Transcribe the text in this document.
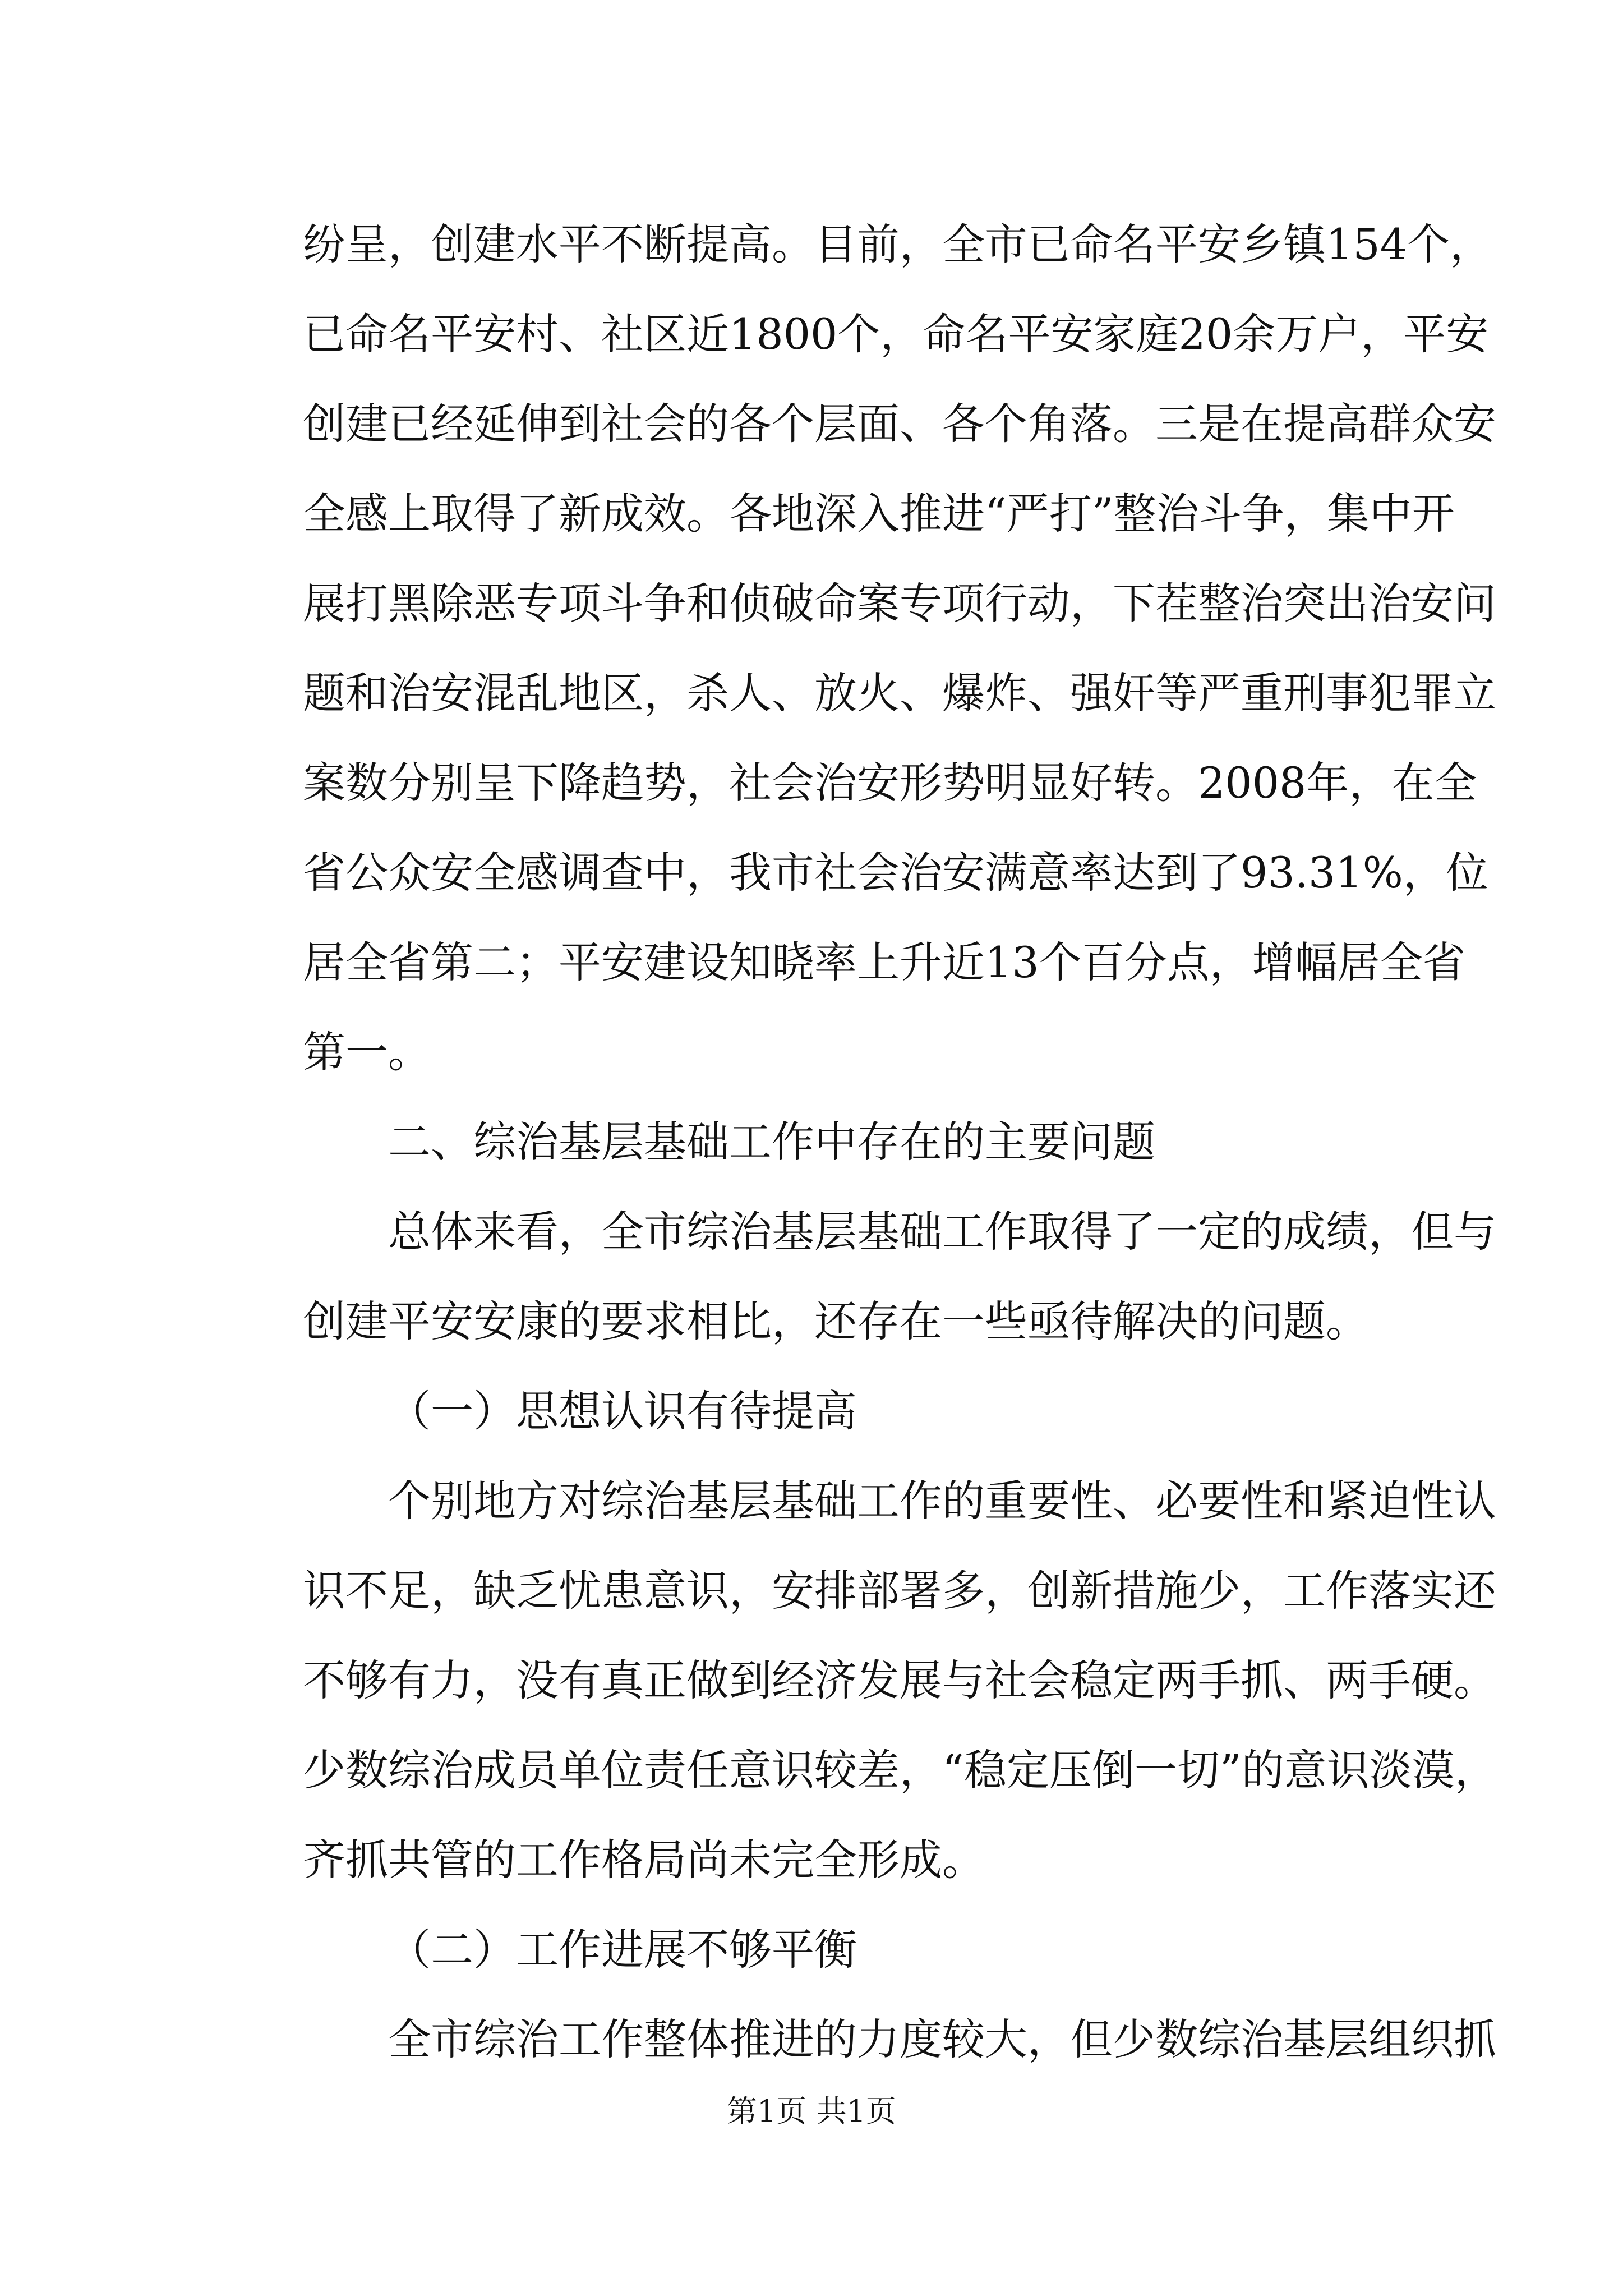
纷呈，创建水平不断提高。目前，全市已命名平安乡镇154个，
已命名平安村、社区近1800个，命名平安家庭20余万户，平安
创建已经延伸到社会的各个层面、各个角落。三是在提高群众安
全感上取得了新成效。各地深入推进“严打”整治斗争，集中开
展打黑除恶专项斗争和侦破命案专项行动，下茬整治突出治安问
题和治安混乱地区，杀人、放火、爆炸、强奸等严重刑事犯罪立
案数分别呈下降趋势，社会治安形势明显好转。2008年，在全
省公众安全感调查中，我市社会治安满意率达到了93.31%，位
居全省第二；平安建设知晓率上升近13个百分点，增幅居全省
第一。
二、综治基层基础工作中存在的主要问题
总体来看，全市综治基层基础工作取得了一定的成绩，但与
创建平安安康的要求相比，还存在一些亟待解决的问题。
（一）思想认识有待提高
个别地方对综治基层基础工作的重要性、必要性和紧迫性认
识不足，缺乏忧患意识，安排部署多，创新措施少，工作落实还
不够有力，没有真正做到经济发展与社会稳定两手抓、两手硬。
少数综治成员单位责任意识较差，“稳定压倒一切”的意识淡漠，
齐抓共管的工作格局尚未完全形成。
（二）工作进展不够平衡
全市综治工作整体推进的力度较大，但少数综治基层组织抓
第1页 共1页
